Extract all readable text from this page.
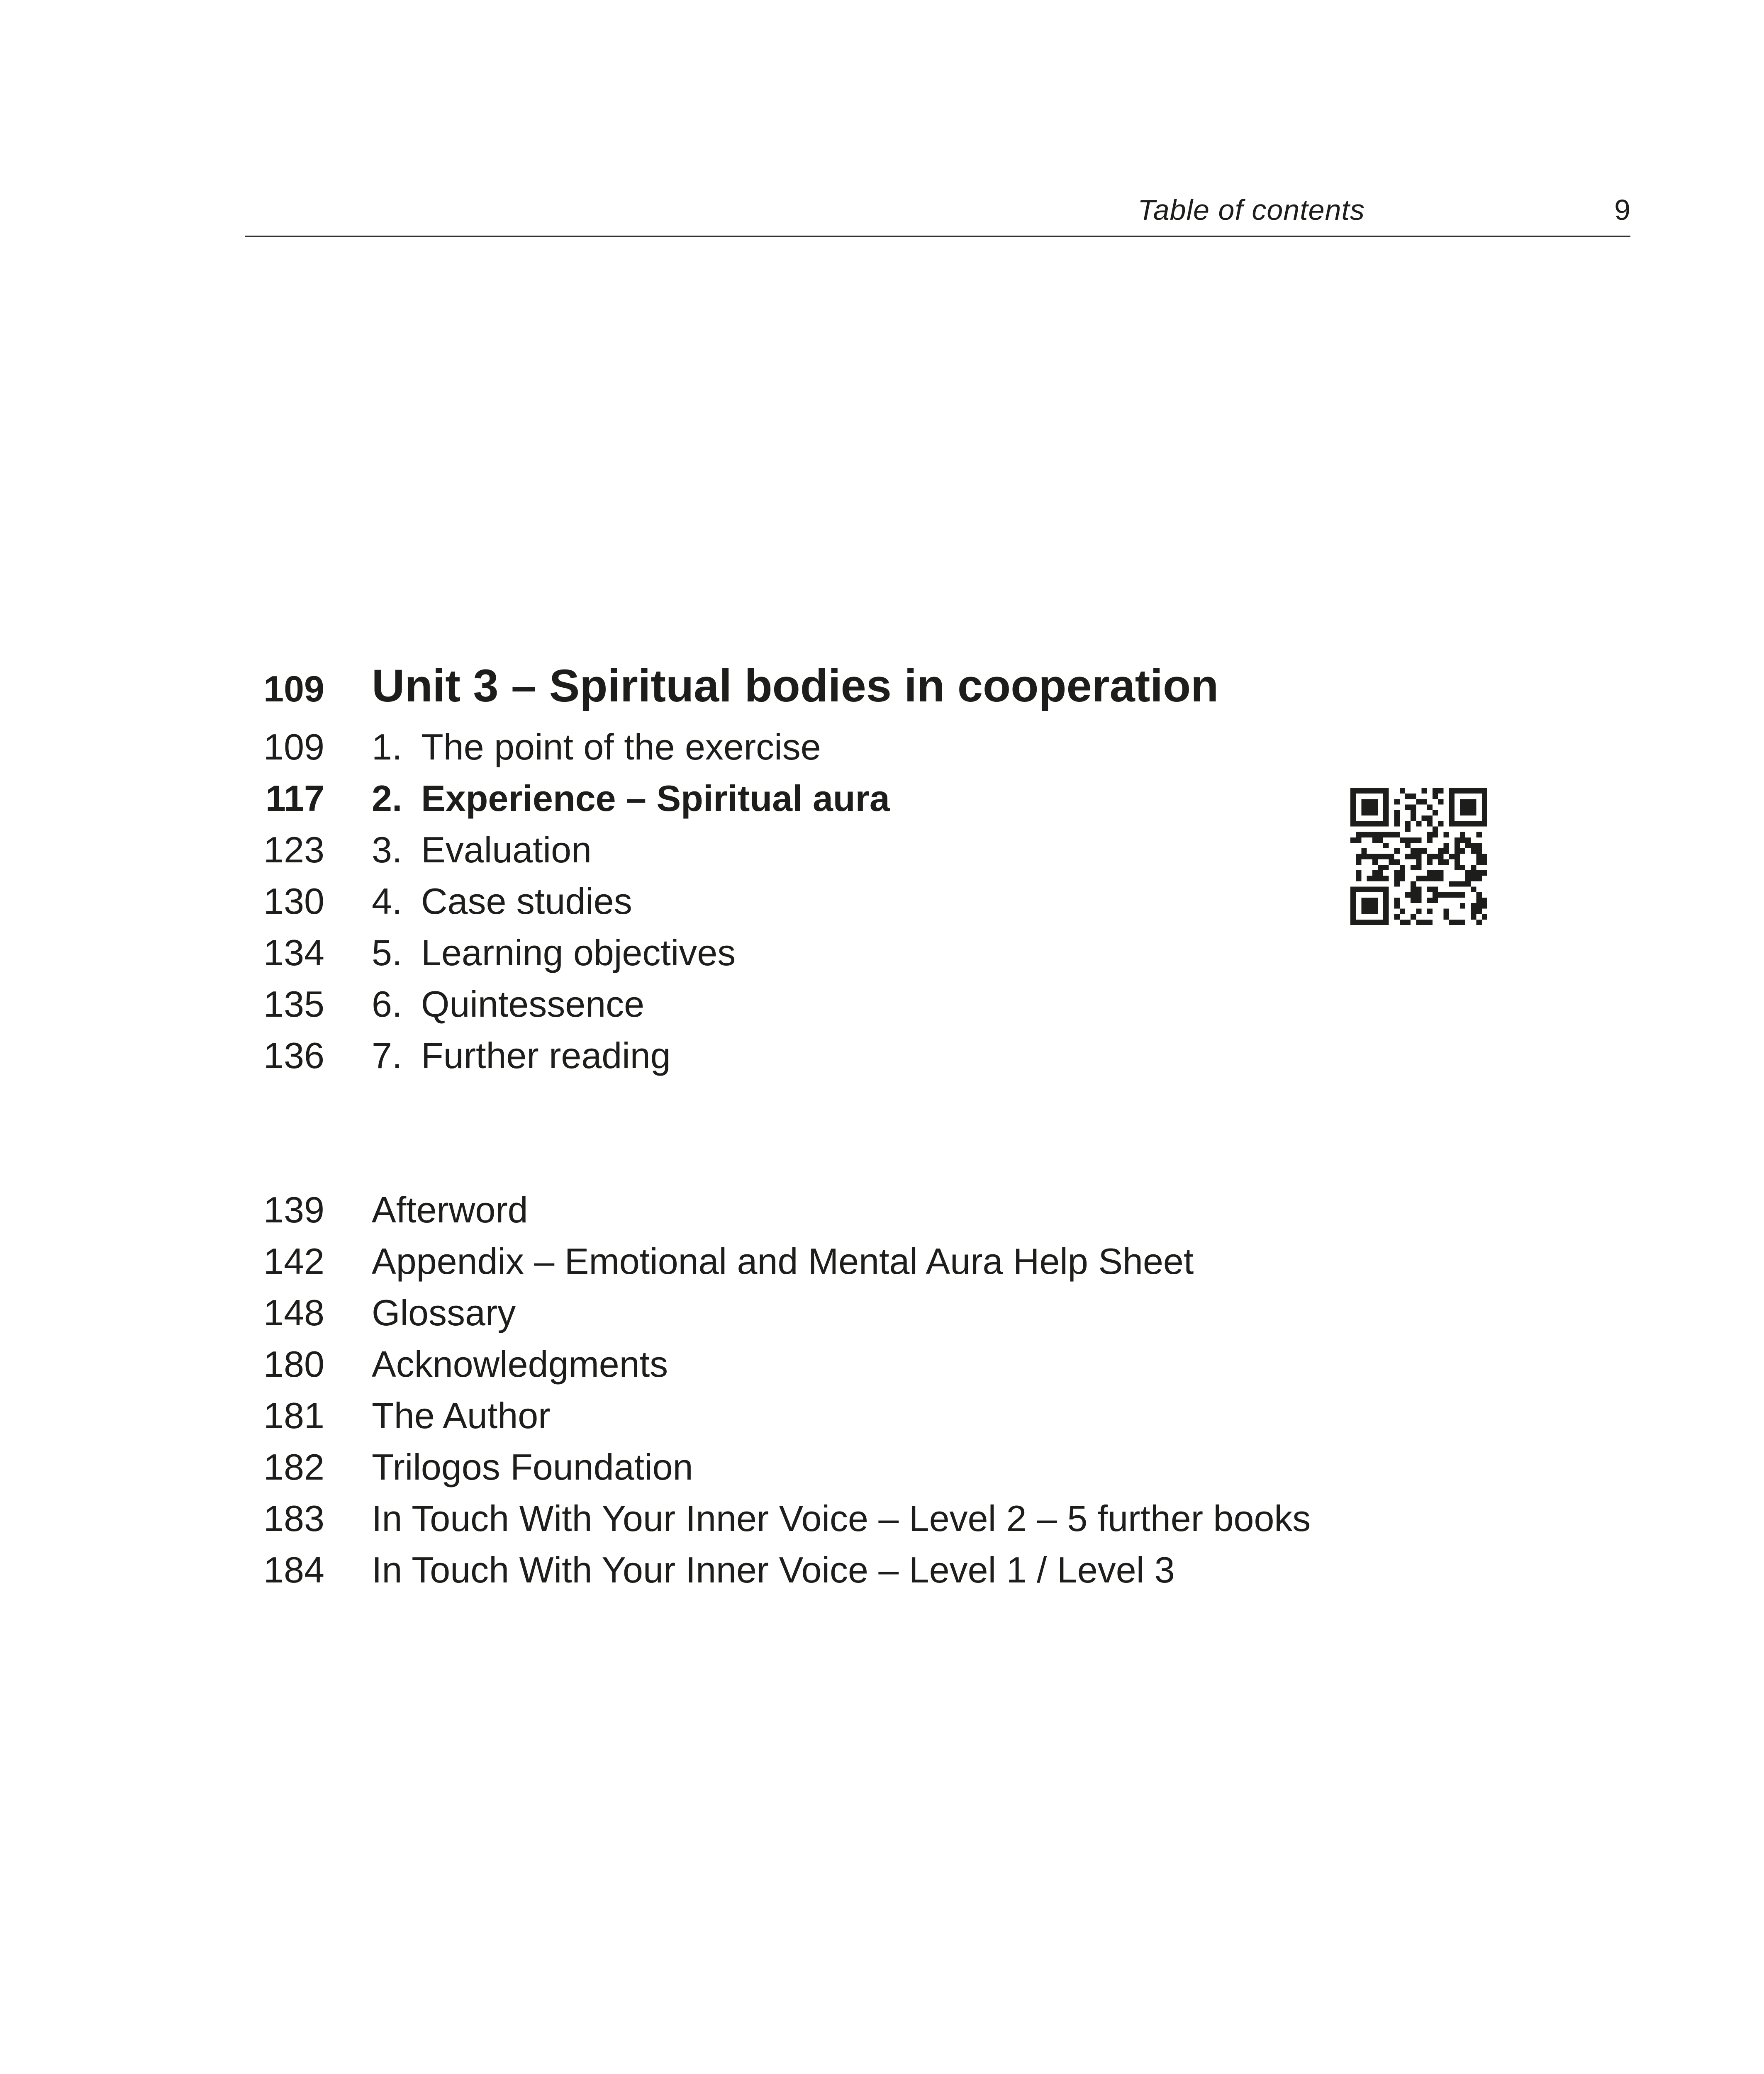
Table of contents	9
109 Unit 3 – Spiritual bodies in cooperation
109 1. The point of the exercise
117 2. Experience – Spiritual aura
123 3. Evaluation
130 4. Case studies
134 5. Learning objectives
135 6. Quintessence
136 7. Further reading
139 Afterword
142 Appendix – Emotional and Mental Aura Help Sheet
148 Glossary
180 Acknowledgments
181 The Author
182 Trilogos Foundation
183 In Touch With Your Inner Voice – Level 2 – 5 further books
184 In Touch With Your Inner Voice – Level 1 / Level 3
